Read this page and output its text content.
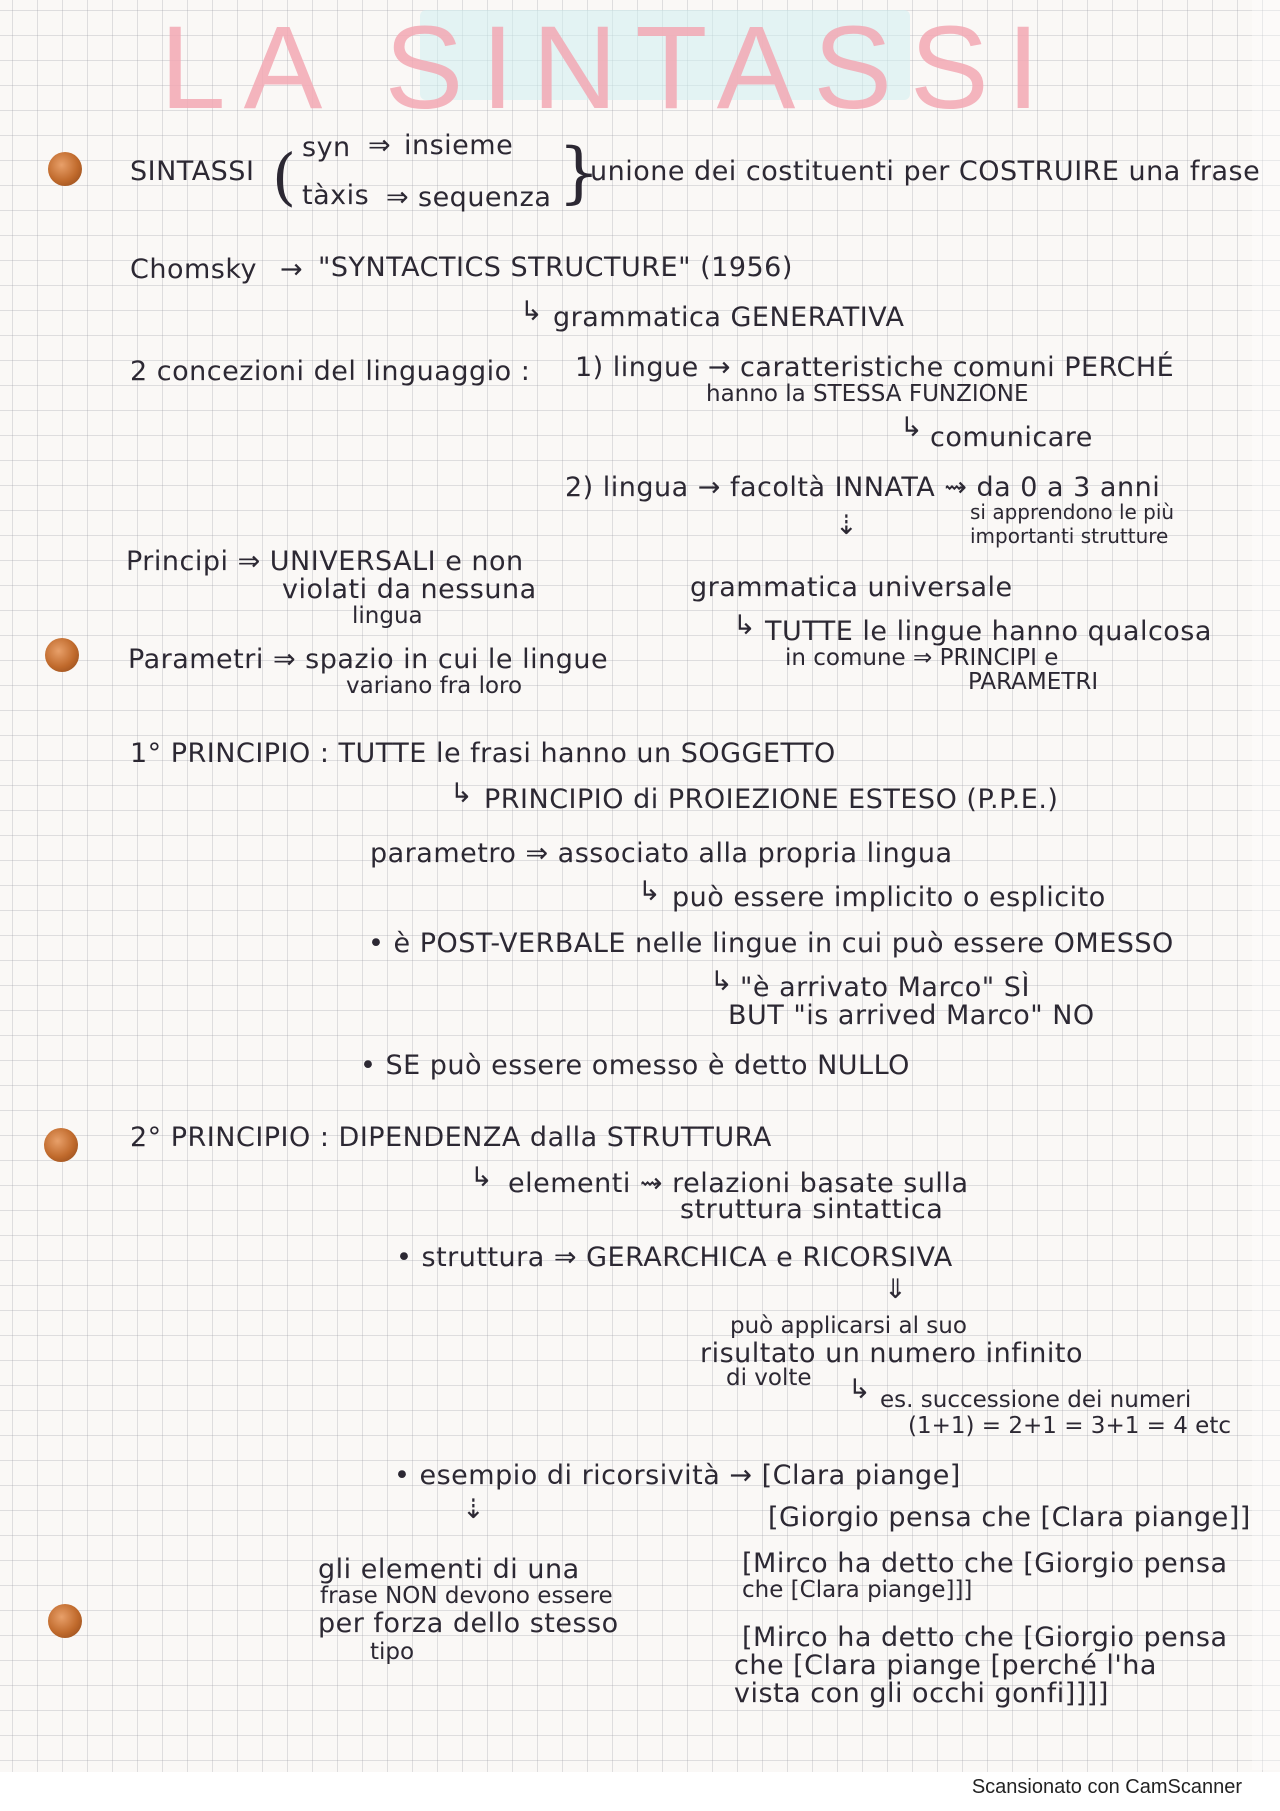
LA SINTASSI
SINTASSI ( syn ⇒ insieme
tàxis ⇒ sequenza }
unione dei costituenti per COSTRUIRE una frase
Chomsky → "SYNTACTICS STRUCTURE" (1956)
↳ grammatica GENERATIVA
2 concezioni del linguaggio : 1) lingue → caratteristiche comuni PERCHÉ
hanno la STESSA FUNZIONE
↳ comunicare
2) lingua → facoltà INNATA ⇝ da 0 a 3 anni
si apprendono le più
importanti strutture
⇣
grammatica universale
↳ TUTTE le lingue hanno qualcosa
in comune ⇒ PRINCIPI e
PARAMETRI
Principi ⇒ UNIVERSALI e non
violati da nessuna
lingua
Parametri ⇒ spazio in cui le lingue
variano fra loro
1° PRINCIPIO : TUTTE le frasi hanno un SOGGETTO
↳ PRINCIPIO di PROIEZIONE ESTESO (P.P.E.)
parametro ⇒ associato alla propria lingua
↳ può essere implicito o esplicito
• è POST-VERBALE nelle lingue in cui può essere OMESSO
↳ "è arrivato Marco" SÌ
BUT "is arrived Marco" NO
• SE può essere omesso è detto NULLO
2° PRINCIPIO : DIPENDENZA dalla STRUTTURA
↳ elementi ⇝ relazioni basate sulla
struttura sintattica
• struttura ⇒ GERARCHICA e RICORSIVA
⇓
può applicarsi al suo
risultato un numero infinito
di volte ↳ es. successione dei numeri
(1+1) = 2+1 = 3+1 = 4 etc
• esempio di ricorsività → [Clara piange]
⇣	[Giorgio pensa che [Clara piange]]
[Mirco ha detto che [Giorgio pensa
che [Clara piange]]]
[Mirco ha detto che [Giorgio pensa
che [Clara piange [perché l'ha
vista con gli occhi gonfi]]]]
gli elementi di una
frase NON devono essere
per forza dello stesso
tipo
Scansionato con CamScanner
